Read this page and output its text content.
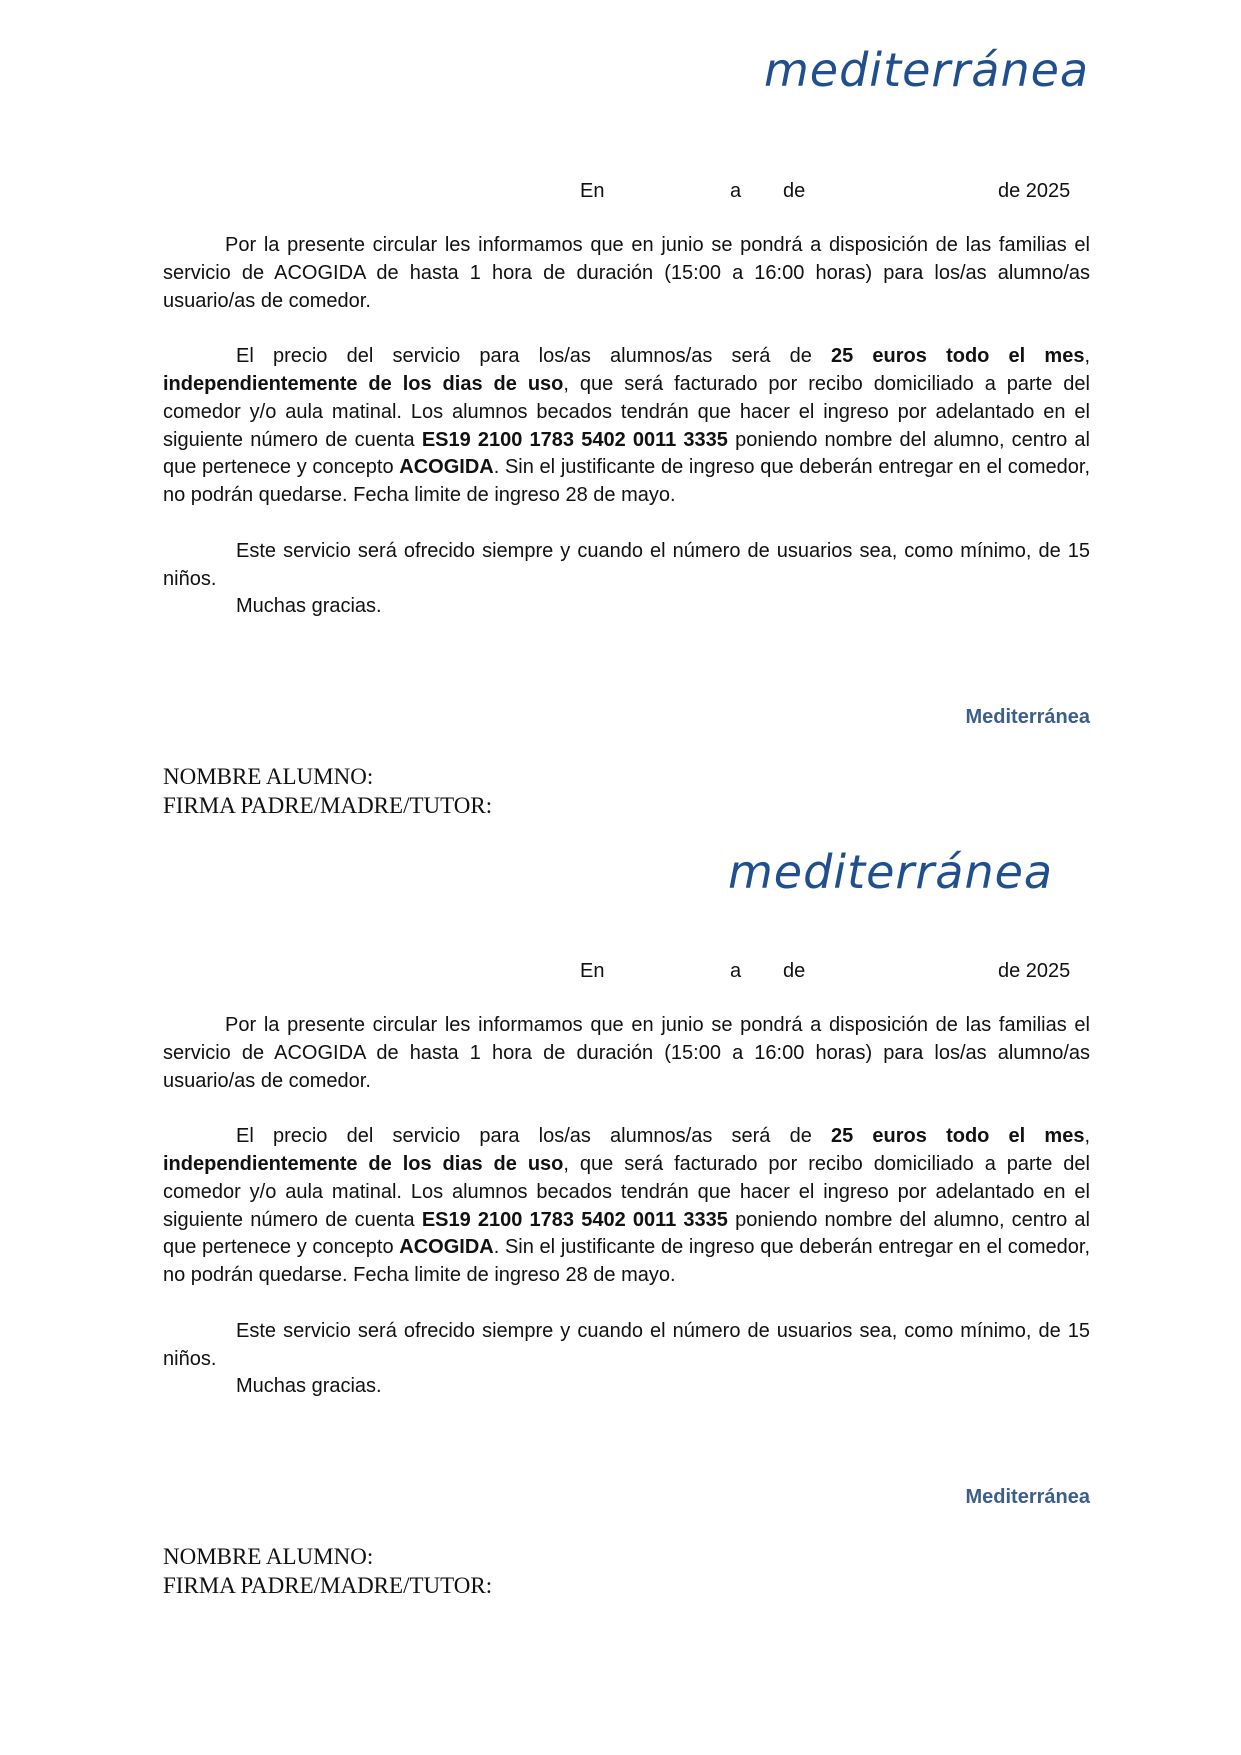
mediterránea
En	a de	de 2025

Por la presente circular les informamos que en junio se pondrá a disposición de las familias el servicio de ACOGIDA de hasta 1 hora de duración (15:00 a 16:00 horas) para los/as alumno/as usuario/as de comedor.

El precio del servicio para los/as alumnos/as será de 25 euros todo el mes, independientemente de los dias de uso, que será facturado por recibo domiciliado a parte del comedor y/o aula matinal. Los alumnos becados tendrán que hacer el ingreso por adelantado en el siguiente número de cuenta ES19 2100 1783 5402 0011 3335 poniendo nombre del alumno, centro al que pertenece y concepto ACOGIDA. Sin el justificante de ingreso que deberán entregar en el comedor, no podrán quedarse. Fecha limite de ingreso 28 de mayo.

Este servicio será ofrecido siempre y cuando el número de usuarios sea, como mínimo, de 15 niños.

Muchas gracias.

Mediterránea
NOMBRE ALUMNO:
FIRMA PADRE/MADRE/TUTOR:
mediterránea
En	a de	de 2025

Por la presente circular les informamos que en junio se pondrá a disposición de las familias el servicio de ACOGIDA de hasta 1 hora de duración (15:00 a 16:00 horas) para los/as alumno/as usuario/as de comedor.

El precio del servicio para los/as alumnos/as será de 25 euros todo el mes, independientemente de los dias de uso, que será facturado por recibo domiciliado a parte del comedor y/o aula matinal. Los alumnos becados tendrán que hacer el ingreso por adelantado en el siguiente número de cuenta ES19 2100 1783 5402 0011 3335 poniendo nombre del alumno, centro al que pertenece y concepto ACOGIDA. Sin el justificante de ingreso que deberán entregar en el comedor, no podrán quedarse. Fecha limite de ingreso 28 de mayo.

Este servicio será ofrecido siempre y cuando el número de usuarios sea, como mínimo, de 15 niños.

Muchas gracias.

Mediterránea
NOMBRE ALUMNO:
FIRMA PADRE/MADRE/TUTOR:
